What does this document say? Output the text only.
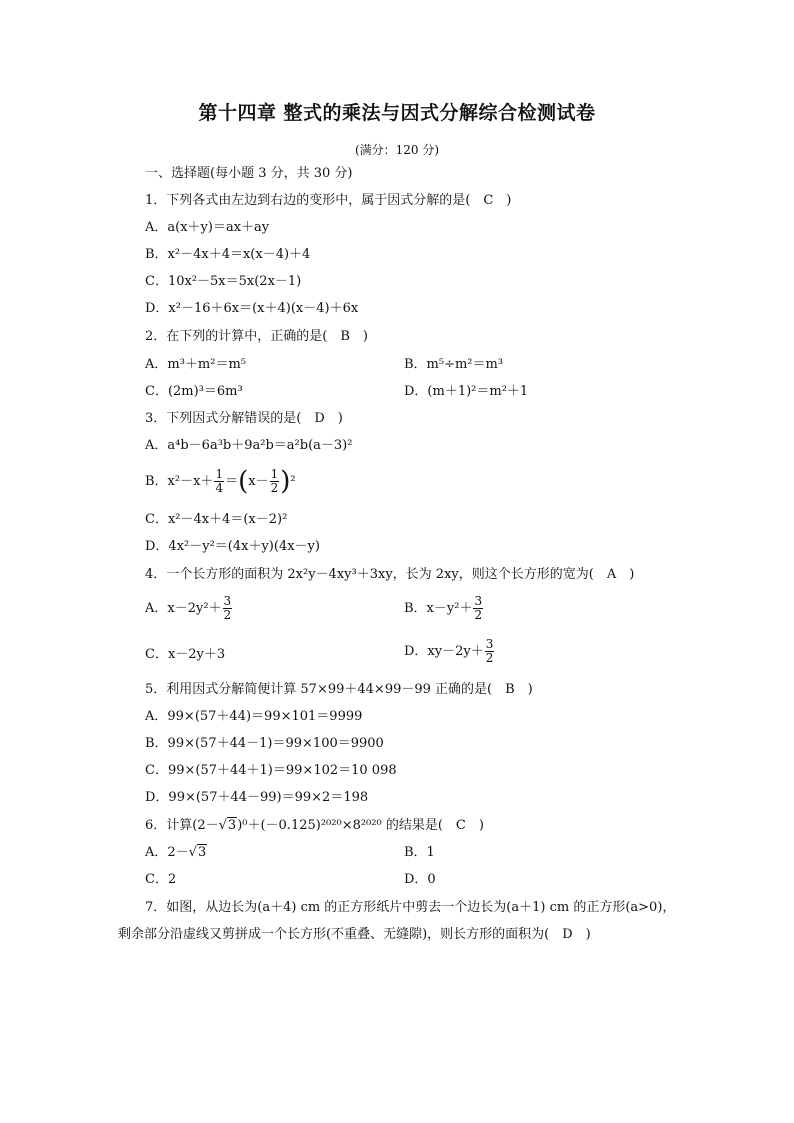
第十四章 整式的乘法与因式分解综合检测试卷
(满分：120 分)
一、选择题(每小题 3 分，共 30 分)
1．下列各式由左边到右边的变形中，属于因式分解的是(　C　)
A．a(x＋y)＝ax＋ay
B．x²－4x＋4＝x(x－4)＋4
C．10x²－5x＝5x(2x－1)
D．x²－16＋6x＝(x＋4)(x－4)＋6x
2．在下列的计算中，正确的是(　B　)
A．m³＋m²＝m⁵	B．m⁵÷m²＝m³
C．(2m)³＝6m³	D．(m＋1)²＝m²＋1
3．下列因式分解错误的是(　D　)
A．a⁴b－6a³b＋9a²b＝a²b(a－3)²
B．$x^2-x+ \frac{1}{4} =(x- \frac{1}{2} )^2$
C．x²－4x＋4＝(x－2)²
D．4x²－y²＝(4x＋y)(4x－y)
4．一个长方形的面积为 2x²y－4xy³＋3xy，长为 2xy，则这个长方形的宽为(　A　)
A．$x-2y^2+ \frac{3}{2}$	B．$x-y^2+ \frac{3}{2}$
C．x－2y＋3	D．$xy-2y+ \frac{3}{2}$
5．利用因式分解简便计算 57×99＋44×99－99 正确的是(　B　)
A．99×(57＋44)＝99×101＝9999
B．99×(57＋44－1)＝99×100＝9900
C．99×(57＋44＋1)＝99×102＝10 098
D．99×(57＋44－99)＝99×2＝198
6．计算(2－√3)⁰＋(－0.125)²⁰²⁰×8²⁰²⁰ 的结果是(　C　)
A．2－√3	B．1
C．2	D．0
7．如图，从边长为(a＋4) cm 的正方形纸片中剪去一个边长为(a＋1) cm 的正方形(a>0)，
剩余部分沿虚线又剪拼成一个长方形(不重叠、无缝隙)，则长方形的面积为(　D　)
